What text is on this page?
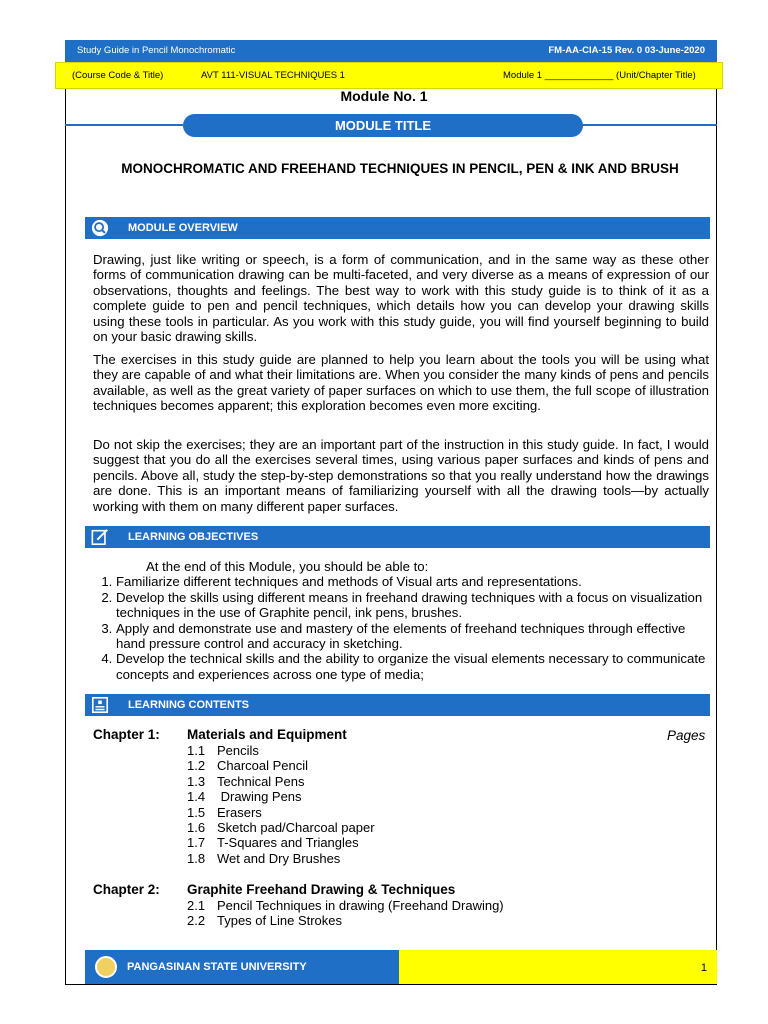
Study Guide in Pencil Monochromatic	FM-AA-CIA-15 Rev. 0 03-June-2020
(Course Code & Title)	AVT 111-VISUAL TECHNIQUES 1	Module 1 _____________ (Unit/Chapter Title)
Module No. 1
MODULE TITLE
MONOCHROMATIC AND FREEHAND TECHNIQUES IN PENCIL, PEN & INK AND BRUSH
MODULE OVERVIEW
Drawing, just like writing or speech, is a form of communication, and in the same way as these other forms of communication drawing can be multi-faceted, and very diverse as a means of expression of our observations, thoughts and feelings. The best way to work with this study guide is to think of it as a complete guide to pen and pencil techniques, which details how you can develop your drawing skills using these tools in particular. As you work with this study guide, you will find yourself beginning to build on your basic drawing skills.
The exercises in this study guide are planned to help you learn about the tools you will be using what they are capable of and what their limitations are. When you consider the many kinds of pens and pencils available, as well as the great variety of paper surfaces on which to use them, the full scope of illustration techniques becomes apparent; this exploration becomes even more exciting.
Do not skip the exercises; they are an important part of the instruction in this study guide. In fact, I would suggest that you do all the exercises several times, using various paper surfaces and kinds of pens and pencils. Above all, study the step-by-step demonstrations so that you really understand how the drawings are done. This is an important means of familiarizing yourself with all the drawing tools—by actually working with them on many different paper surfaces.
LEARNING OBJECTIVES
At the end of this Module, you should be able to:
1. Familiarize different techniques and methods of Visual arts and representations.
2. Develop the skills using different means in freehand drawing techniques with a focus on visualization techniques in the use of Graphite pencil, ink pens, brushes.
3. Apply and demonstrate use and mastery of the elements of freehand techniques through effective hand pressure control and accuracy in sketching.
4. Develop the technical skills and the ability to organize the visual elements necessary to communicate concepts and experiences across one type of media;
LEARNING CONTENTS
Chapter 1: Materials and Equipment	Pages
1.1 Pencils
1.2 Charcoal Pencil
1.3 Technical Pens
1.4 Drawing Pens
1.5 Erasers
1.6 Sketch pad/Charcoal paper
1.7 T-Squares and Triangles
1.8 Wet and Dry Brushes
Chapter 2: Graphite Freehand Drawing & Techniques
2.1 Pencil Techniques in drawing (Freehand Drawing)
2.2 Types of Line Strokes
PANGASINAN STATE UNIVERSITY	1
